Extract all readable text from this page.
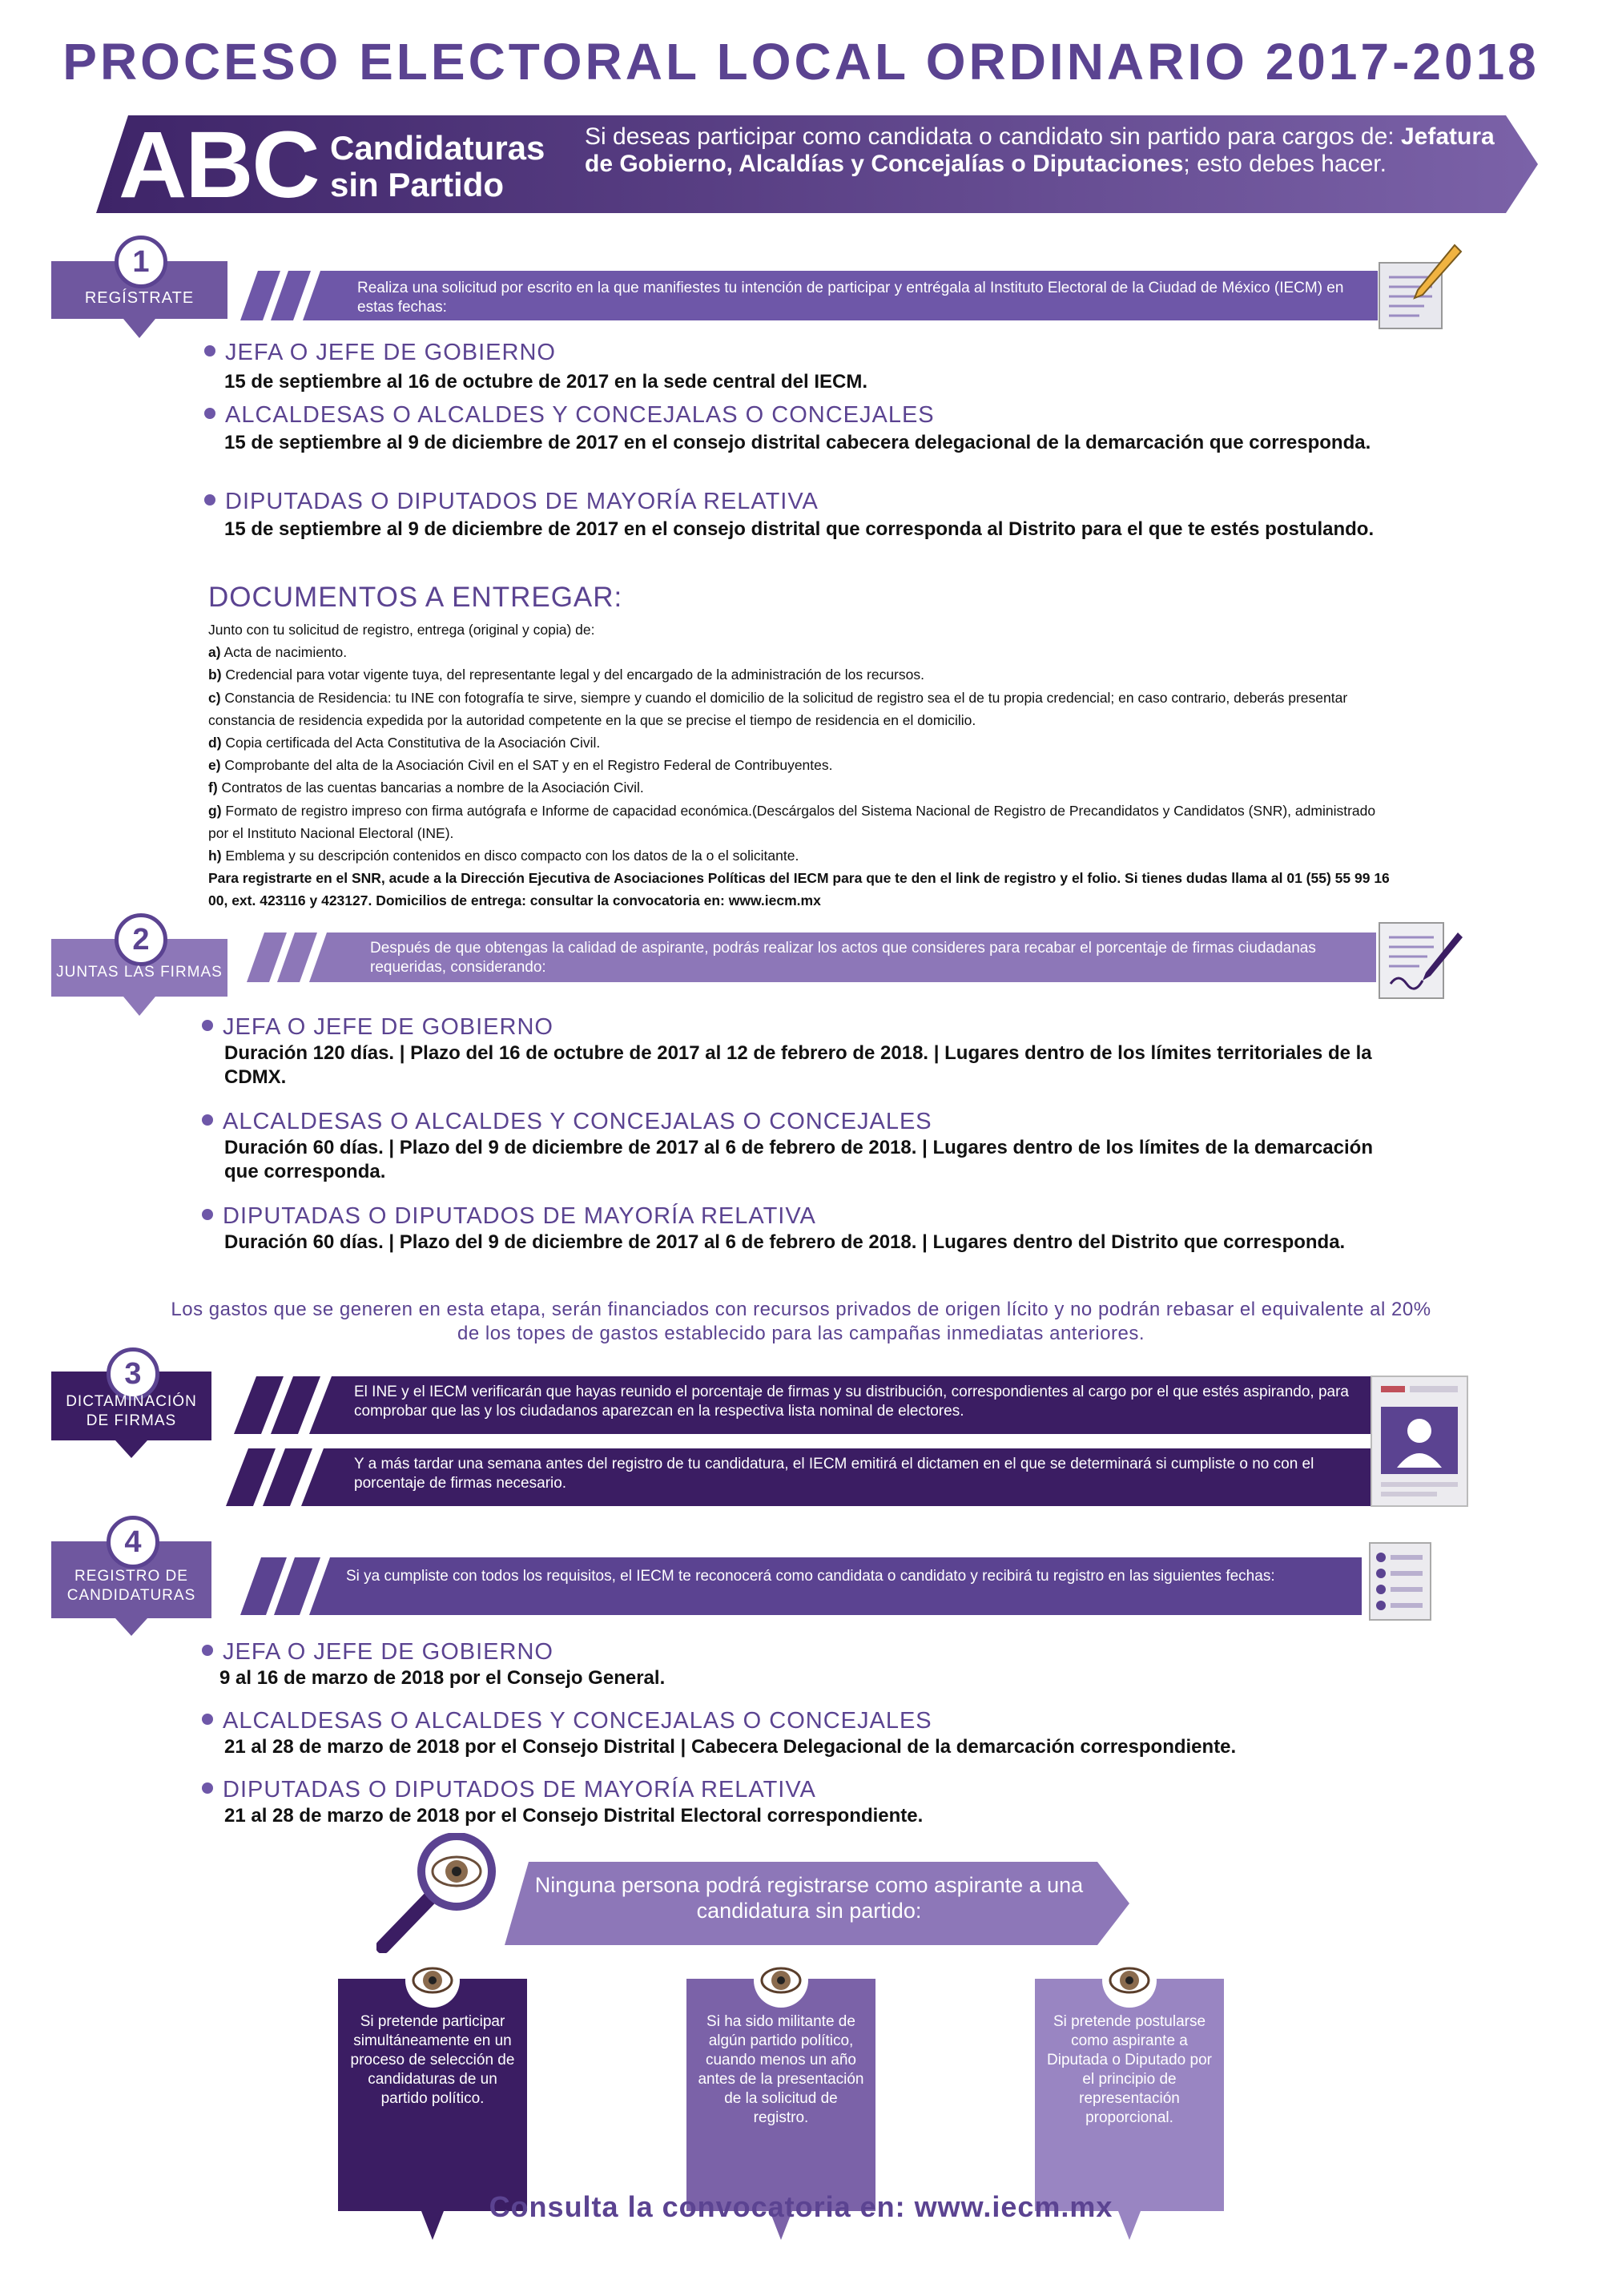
PROCESO ELECTORAL LOCAL ORDINARIO 2017-2018
ABC Candidaturas
sin Partido
Si deseas participar como candidata o candidato sin partido para cargos de: Jefatura de Gobierno, Alcaldías y Concejalías o Diputaciones; esto debes hacer.
1
REGÍSTRATE
Realiza una solicitud por escrito en la que manifiestes tu intención de participar y entrégala al Instituto Electoral de la Ciudad de México (IECM) en estas fechas:
JEFA O JEFE DE GOBIERNO
15 de septiembre al 16 de octubre de 2017 en la sede central del IECM.
ALCALDESAS O ALCALDES Y CONCEJALAS O CONCEJALES
15 de septiembre al 9 de diciembre de 2017 en el consejo distrital cabecera delegacional de la demarcación que corresponda.
DIPUTADAS O DIPUTADOS DE MAYORÍA RELATIVA
15 de septiembre al 9 de diciembre de 2017 en el consejo distrital que corresponda al Distrito para el que te estés postulando.
DOCUMENTOS A ENTREGAR:

Junto con tu solicitud de registro, entrega (original y copia) de:

a) Acta de nacimiento.

b) Credencial para votar vigente tuya, del representante legal y del encargado de la administración de los recursos.

c) Constancia de Residencia: tu INE con fotografía te sirve, siempre y cuando el domicilio de la solicitud de registro sea el de tu propia credencial; en caso contrario, deberás presentar constancia de residencia expedida por la autoridad competente en la que se precise el tiempo de residencia en el domicilio.

d) Copia certificada del Acta Constitutiva de la Asociación Civil.

e) Comprobante del alta de la Asociación Civil en el SAT y en el Registro Federal de Contribuyentes.

f) Contratos de las cuentas bancarias a nombre de la Asociación Civil.

g) Formato de registro impreso con firma autógrafa e Informe de capacidad económica.(Descárgalos del Sistema Nacional de Registro de Precandidatos y Candidatos (SNR), administrado por el Instituto Nacional Electoral (INE).

h) Emblema y su descripción contenidos en disco compacto con los datos de la o el solicitante.

Para registrarte en el SNR, acude a la Dirección Ejecutiva de Asociaciones Políticas del IECM para que te den el link de registro y el folio. Si tienes dudas llama al 01 (55) 55 99 16 00, ext. 423116 y 423127. Domicilios de entrega: consultar la convocatoria en: www.iecm.mx

2
JUNTAS LAS FIRMAS
Después de que obtengas la calidad de aspirante, podrás realizar los actos que consideres para recabar el porcentaje de firmas ciudadanas requeridas, considerando:
JEFA O JEFE DE GOBIERNO
Duración 120 días. | Plazo del 16 de octubre de 2017 al 12 de febrero de 2018. | Lugares dentro de los límites territoriales de la CDMX.
ALCALDESAS O ALCALDES Y CONCEJALAS O CONCEJALES
Duración 60 días. | Plazo del 9 de diciembre de 2017 al 6 de febrero de 2018. | Lugares dentro de los límites de la demarcación que corresponda.
DIPUTADAS O DIPUTADOS DE MAYORÍA RELATIVA
Duración 60 días. | Plazo del 9 de diciembre de 2017 al 6 de febrero de 2018. | Lugares dentro del Distrito que corresponda.
Los gastos que se generen en esta etapa, serán financiados con recursos privados de origen lícito y no podrán rebasar el equivalente al 20% de los topes de gastos establecido para las campañas inmediatas anteriores.
3
DICTAMINACIÓN
DE FIRMAS
El INE y el IECM verificarán que hayas reunido el porcentaje de firmas y su distribución, correspondientes al cargo por el que estés aspirando, para comprobar que las y los ciudadanos aparezcan en la respectiva lista nominal de electores.
Y a más tardar una semana antes del registro de tu candidatura, el IECM emitirá el dictamen en el que se determinará si cumpliste o no con el porcentaje de firmas necesario.
4
REGISTRO DE
CANDIDATURAS
Si ya cumpliste con todos los requisitos, el IECM te reconocerá como candidata o candidato y recibirá tu registro en las siguientes fechas:
JEFA O JEFE DE GOBIERNO
9 al 16 de marzo de 2018 por el Consejo General.
ALCALDESAS O ALCALDES Y CONCEJALAS O CONCEJALES
21 al 28 de marzo de 2018 por el Consejo Distrital | Cabecera Delegacional de la demarcación correspondiente.
DIPUTADAS O DIPUTADOS DE MAYORÍA RELATIVA
21 al 28 de marzo de 2018 por el Consejo Distrital Electoral correspondiente.
Ninguna persona podrá registrarse como aspirante a una candidatura sin partido:
Si pretende participar simultáneamente en un proceso de selección de candidaturas de un partido político.
Si ha sido militante de algún partido político, cuando menos un año antes de la presentación de la solicitud de registro.
Si pretende postularse como aspirante a Diputada o Diputado por el principio de representación proporcional.
Consulta la convocatoria en: www.iecm.mx
